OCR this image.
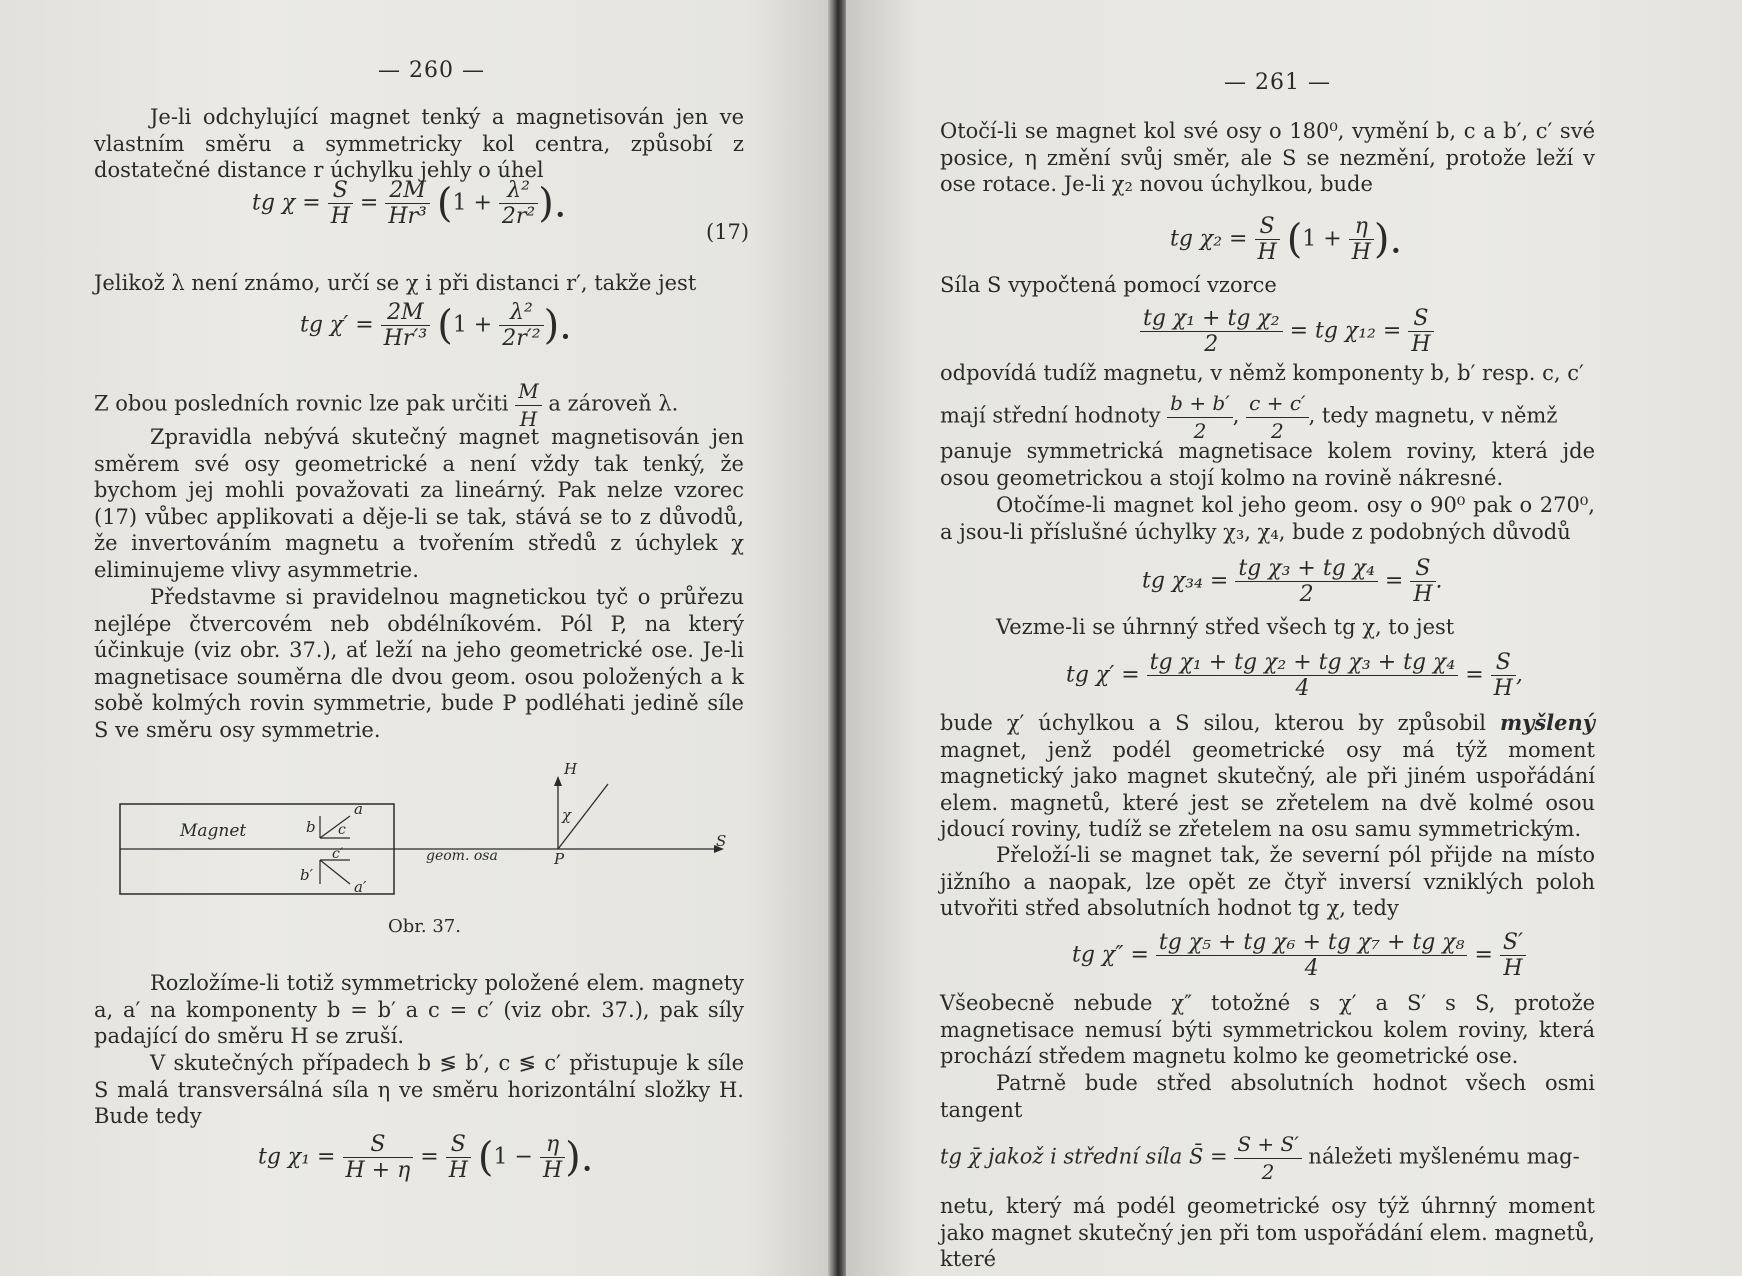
— 260 —

Je-li odchylující magnet tenký a magnetisován jen ve vlastním směru a symmetricky kol centra, způsobí z dostatečné distance r úchylku jehly o úhel

tg $\chi = \frac{S}{H} = \frac{2M}{\text{Hr³}} (1 + \frac{\text{λ²}}{\text{2r²}}$ ).
(17)

Jelikož λ není známo, určí se χ i při distanci r′, takže jest

tg $\chi' = \frac{2M}{\text{Hr′³}} (1 + \frac{\text{λ²}}{\text{2r′²}}$ ).

Z obou posledních rovnic lze pak určiti $\frac{M}{H}$ a zároveň λ.

Zpravidla nebývá skutečný magnet magnetisován jen směrem své osy geometrické a není vždy tak tenký, že bychom jej mohli považovati za lineárný. Pak nelze vzorec (17) vůbec applikovati a děje-li se tak, stává se to z důvodů, že invertováním magnetu a tvořením středů z úchylek χ eliminujeme vlivy asymmetrie.

Představme si pravidelnou magnetickou tyč o průřezu nejlépe čtvercovém neb obdélníkovém. Pól P, na který účinkuje (viz obr. 37.), ať leží na jeho geometrické ose. Je-li magnetisace souměrna dle dvou geom. osou položených a k sobě kolmých rovin symmetrie, bude P podléhati jedině síle S ve směru osy symmetrie.

Magnet
a
a′
b
b′
c
c′	geom. osa	P
H
S
χ
Obr. 37.

Rozložíme-li totiž symmetricky položené elem. magnety a, a′ na komponenty b = b′ a c = c′ (viz obr. 37.), pak síly padající do směru H se zruší.

V skutečných případech b ≶ b′, c ≶ c′ přistupuje k síle S malá transversálná síla η ve směru horizontální složky H. Bude tedy

tg $\chi_1 = \frac{S}{H + \eta} = \frac{S}{H} (1 - \frac{\eta}{H}$ ).
— 261 —

Otočí-li se magnet kol své osy o 180⁰, vymění b, c a b′, c′ své posice, η změní svůj směr, ale S se nezmění, protože leží v ose rotace. Je-li χ₂ novou úchylkou, bude

tg $\chi_2 = \frac{S}{H} (1 + \frac{\eta}{H}$ ).

Síla S vypočtená pomocí vzorce

$\frac{\text{tg χ₁ + tg χ₂}}{2}$ = tg $\chi_{12} = \frac{S}{H}$

odpovídá tudíž magnetu, v němž komponenty b, b′ resp. c, c′

mají střední hodnoty $\frac{b + b'}{2}$ , $\frac{c + c'}{2}$ , tedy magnetu, v němž

panuje symmetrická magnetisace kolem roviny, která jde osou geometrickou a stojí kolmo na rovině nákresné.

Otočíme-li magnet kol jeho geom. osy o 90⁰ pak o 270⁰, a jsou-li příslušné úchylky χ₃, χ₄, bude z podobných důvodů

tg $\chi_{34} = \frac{\text{tg χ₃ + tg χ₄}}{2} = \frac{S}{H}$ .

Vezme-li se úhrnný střed všech tg χ, to jest

tg $\chi' = \frac{\text{tg χ₁ + tg χ₂ + tg χ₃ + tg χ₄}}{4} = \frac{S}{H}$ ,

bude χ′ úchylkou a S silou, kterou by způsobil myšlený magnet, jenž podél geometrické osy má týž moment magnetický jako magnet skutečný, ale při jiném uspořádání elem. magnetů, které jest se zřetelem na dvě kolmé osou jdoucí roviny, tudíž se zřetelem na osu samu symmetrickým.

Přeloží-li se magnet tak, že severní pól přijde na místo jižního a naopak, lze opět ze čtyř inversí vzniklých poloh utvořiti střed absolutních hodnot tg χ, tedy

tg $\chi'' = \frac{\text{tg χ₅ + tg χ₆ + tg χ₇ + tg χ₈}}{4} = \frac{S'}{H}$

Všeobecně nebude χ″ totožné s χ′ a S′ s S, protože magnetisace nemusí býti symmetrickou kolem roviny, která prochází středem magnetu kolmo ke geometrické ose.

Patrně bude střed absolutních hodnot všech osmi tangent

tg χ̄ jakož i střední síla S̄ = $\frac{S + S'}{2}$ náležeti myšlenému mag-

netu, který má podél geometrické osy týž úhrnný moment jako magnet skutečný jen při tom uspořádání elem. magnetů, které
